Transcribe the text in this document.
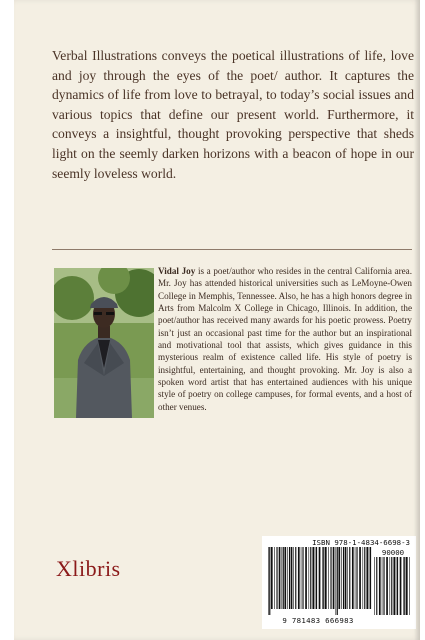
Verbal Illustrations conveys the poetical illustrations of life, love and joy through the eyes of the poet/ author. It captures the dynamics of life from love to betrayal, to today’s social issues and various topics that define our present world. Furthermore, it conveys a insightful, thought provoking perspective that sheds light on the seemly darken horizons with a beacon of hope in our seemly loveless world.

Vidal Joy is a poet/author who resides in the central California area. Mr. Joy has attended historical universities such as LeMoyne-Owen College in Memphis, Tennessee. Also, he has a high honors degree in Arts from Malcolm X College in Chicago, Illinois. In addition, the poet/author has received many awards for his poetic prowess. Poetry isn’t just an occasional past time for the author but an inspirational and motivational tool that assists, which gives guidance in this mysterious realm of existence called life. His style of poetry is insightful, entertaining, and thought provoking. Mr. Joy is also a spoken word artist that has entertained audiences with his unique style of poetry on college campuses, for formal events, and a host of other venues.

Xlibris
ISBN 978-1-4834-6698-3
90000
9 781483 666983
